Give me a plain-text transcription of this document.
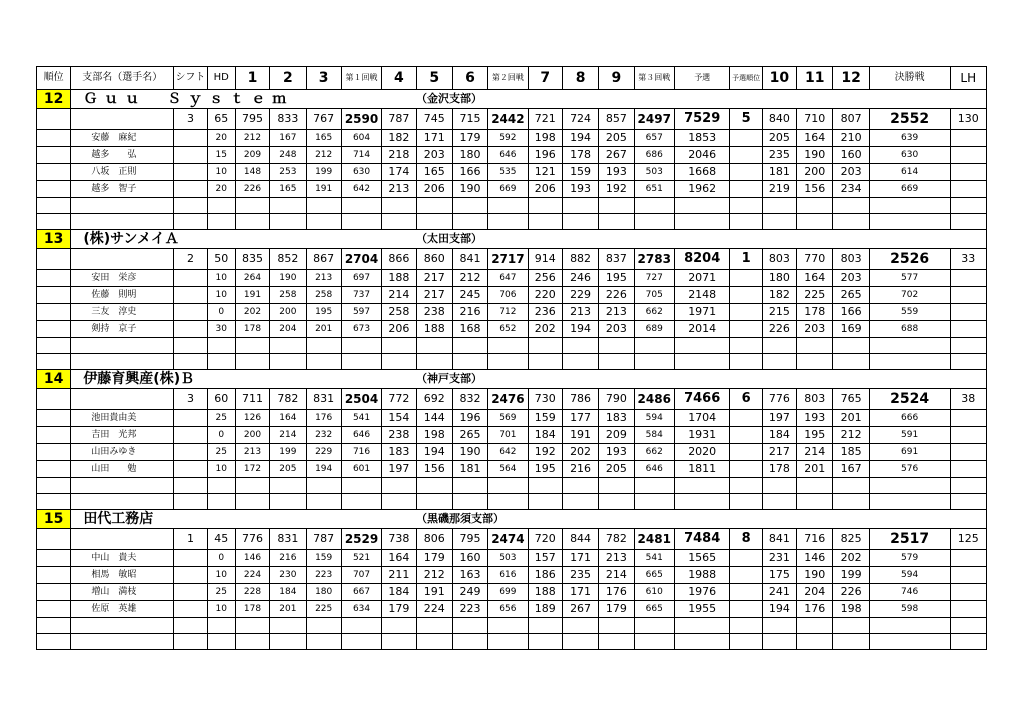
順位	支部名（選手名）	シフト	HD	1	2	3	第１回戦	4	5	6	第２回戦	7	8	9	第３回戦	予選	予選順位	10	11	12	決勝戦	LH
12	Ｇｕｕ　Ｓｙｓｔｅｍ								（金沢支部）													
		3	65	795	833	767	2590	787	745	715	2442	721	724	857	2497	7529	5	840	710	807	2552	130
	安藤　麻紀		20	212	167	165	604	182	171	179	592	198	194	205	657	1853		205	164	210	639	
	越多　　弘		15	209	248	212	714	218	203	180	646	196	178	267	686	2046		235	190	160	630	
	八坂　正則		10	148	253	199	630	174	165	166	535	121	159	193	503	1668		181	200	203	614	
	越多　智子		20	226	165	191	642	213	206	190	669	206	193	192	651	1962		219	156	234	669	

13	(株)サンメイＡ								（太田支部）													
		2	50	835	852	867	2704	866	860	841	2717	914	882	837	2783	8204	1	803	770	803	2526	33
	安田　栄彦		10	264	190	213	697	188	217	212	647	256	246	195	727	2071		180	164	203	577	
	佐藤　則明		10	191	258	258	737	214	217	245	706	220	229	226	705	2148		182	225	265	702	
	三友　淳史		0	202	200	195	597	258	238	216	712	236	213	213	662	1971		215	178	166	559	
	剣持　京子		30	178	204	201	673	206	188	168	652	202	194	203	689	2014		226	203	169	688	

14	伊藤育興産(株)Ｂ								（神戸支部）													
		3	60	711	782	831	2504	772	692	832	2476	730	786	790	2486	7466	6	776	803	765	2524	38
	池田貴由美		25	126	164	176	541	154	144	196	569	159	177	183	594	1704		197	193	201	666	
	吉田　光邦		0	200	214	232	646	238	198	265	701	184	191	209	584	1931		184	195	212	591	
	山田みゆき		25	213	199	229	716	183	194	190	642	192	202	193	662	2020		217	214	185	691	
	山田　　勉		10	172	205	194	601	197	156	181	564	195	216	205	646	1811		178	201	167	576	

15	田代工務店								（黒磯那須支部）													
		1	45	776	831	787	2529	738	806	795	2474	720	844	782	2481	7484	8	841	716	825	2517	125
	中山　貴夫		0	146	216	159	521	164	179	160	503	157	171	213	541	1565		231	146	202	579	
	相馬　敏昭		10	224	230	223	707	211	212	163	616	186	235	214	665	1988		175	190	199	594	
	増山　満枝		25	228	184	180	667	184	191	249	699	188	171	176	610	1976		241	204	226	746	
	佐原　英雄		10	178	201	225	634	179	224	223	656	189	267	179	665	1955		194	176	198	598	
